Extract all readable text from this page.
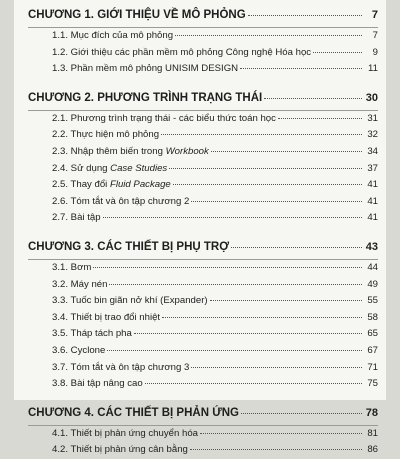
CHƯƠNG 1. GIỚI THIỆU VỀ MÔ PHỎNG	7
1.1. Mục đích của mô phỏng	7
1.2. Giới thiệu các phần mềm mô phỏng Công nghệ Hóa học	9
1.3. Phần mềm mô phỏng UNISIM DESIGN	11
CHƯƠNG 2. PHƯƠNG TRÌNH TRẠNG THÁI	30
2.1. Phương trình trạng thái - các biểu thức toán học	31
2.2. Thực hiện mô phỏng	32
2.3. Nhập thêm biến trong Workbook	34
2.4. Sử dụng Case Studies	37
2.5. Thay đổi Fluid Package	41
2.6. Tóm tắt và ôn tập chương 2	41
2.7. Bài tập	41
CHƯƠNG 3. CÁC THIẾT BỊ PHỤ TRỢ	43
3.1. Bơm	44
3.2. Máy nén	49
3.3. Tuốc bin giãn nở khí (Expander)	55
3.4. Thiết bị trao đổi nhiệt	58
3.5. Tháp tách pha	65
3.6. Cyclone	67
3.7. Tóm tắt và ôn tập chương 3	71
3.8. Bài tập nâng cao	75
CHƯƠNG 4. CÁC THIẾT BỊ PHẢN ỨNG	78
4.1. Thiết bị phản ứng chuyển hóa	81
4.2. Thiết bị phản ứng cân bằng	86
